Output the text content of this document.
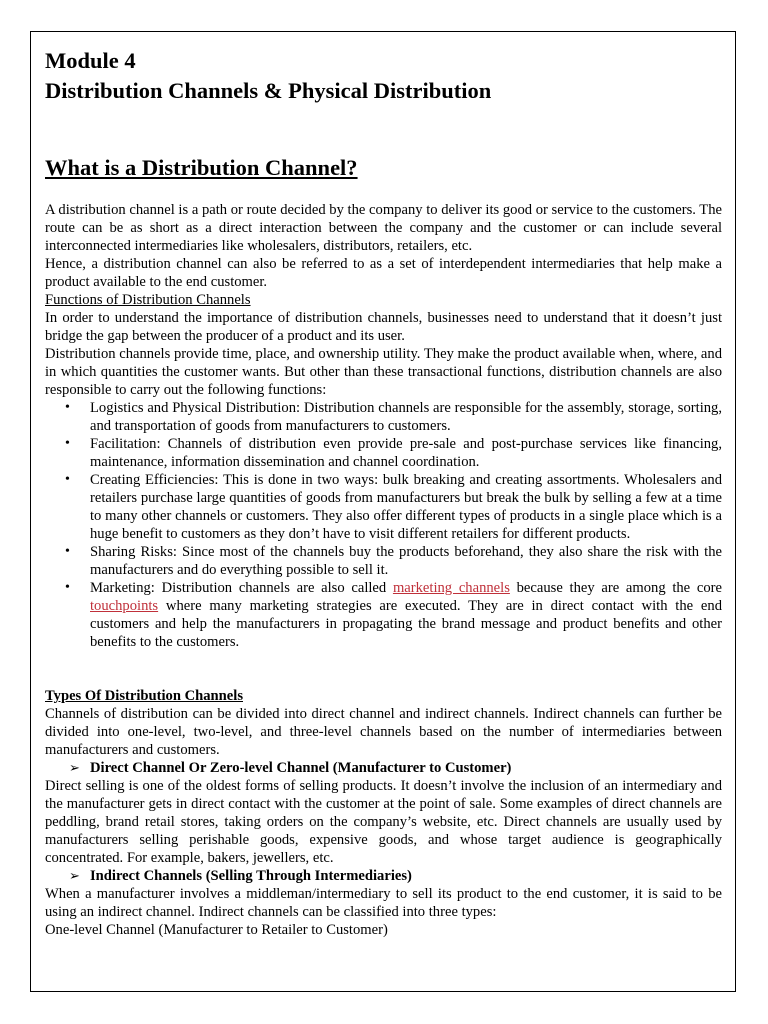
Module 4
Distribution Channels & Physical Distribution
What is a Distribution Channel?

A distribution channel is a path or route decided by the company to deliver its good or service to the customers. The route can be as short as a direct interaction between the company and the customer or can include several interconnected intermediaries like wholesalers, distributors, retailers, etc.

Hence, a distribution channel can also be referred to as a set of interdependent intermediaries that help make a product available to the end customer.

Functions of Distribution Channels

In order to understand the importance of distribution channels, businesses need to understand that it doesn’t just bridge the gap between the producer of a product and its user.

Distribution channels provide time, place, and ownership utility. They make the product available when, where, and in which quantities the customer wants. But other than these transactional functions, distribution channels are also responsible to carry out the following functions:

• Logistics and Physical Distribution: Distribution channels are responsible for the assembly, storage, sorting, and transportation of goods from manufacturers to customers.
• Facilitation: Channels of distribution even provide pre-sale and post-purchase services like financing, maintenance, information dissemination and channel coordination.
• Creating Efficiencies: This is done in two ways: bulk breaking and creating assortments. Wholesalers and retailers purchase large quantities of goods from manufacturers but break the bulk by selling a few at a time to many other channels or customers. They also offer different types of products in a single place which is a huge benefit to customers as they don’t have to visit different retailers for different products.
• Sharing Risks: Since most of the channels buy the products beforehand, they also share the risk with the manufacturers and do everything possible to sell it.
• Marketing: Distribution channels are also called marketing channels because they are among the core touchpoints where many marketing strategies are executed. They are in direct contact with the end customers and help the manufacturers in propagating the brand message and product benefits and other benefits to the customers.

Types Of Distribution Channels

Channels of distribution can be divided into direct channel and indirect channels. Indirect channels can further be divided into one-level, two-level, and three-level channels based on the number of intermediaries between manufacturers and customers.

➢ Direct Channel Or Zero-level Channel (Manufacturer to Customer)

Direct selling is one of the oldest forms of selling products. It doesn’t involve the inclusion of an intermediary and the manufacturer gets in direct contact with the customer at the point of sale. Some examples of direct channels are peddling, brand retail stores, taking orders on the company’s website, etc. Direct channels are usually used by manufacturers selling perishable goods, expensive goods, and whose target audience is geographically concentrated. For example, bakers, jewellers, etc.

➢ Indirect Channels (Selling Through Intermediaries)

When a manufacturer involves a middleman/intermediary to sell its product to the end customer, it is said to be using an indirect channel. Indirect channels can be classified into three types:

One-level Channel (Manufacturer to Retailer to Customer)
